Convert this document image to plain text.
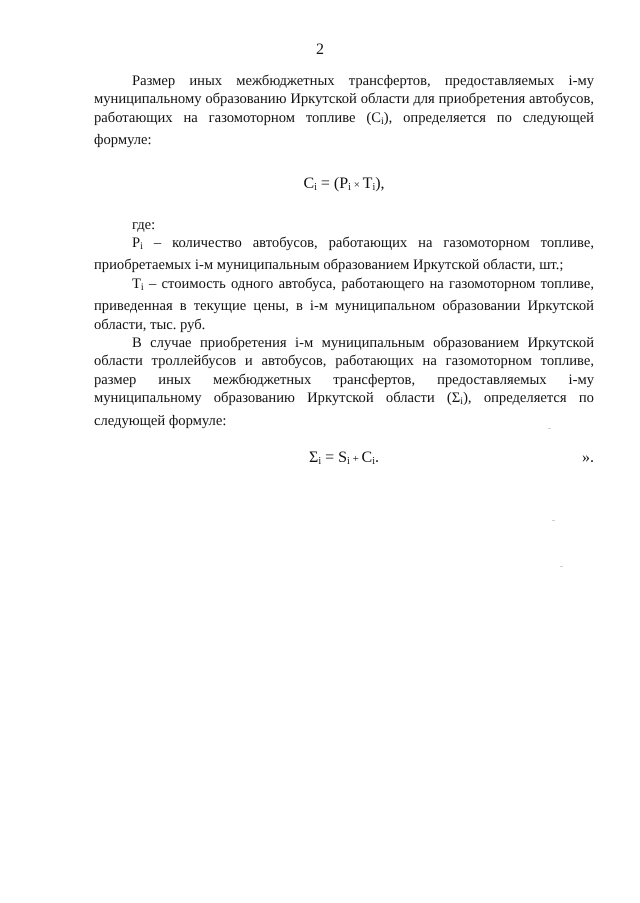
2

Размер иных межбюджетных трансфертов, предоставляемых i-му муниципальному образованию Иркутской области для приобретения автобусов, работающих на газомоторном топливе $(C_i)$, определяется по следующей формуле:

$C_i = (P_i \times T_i)$,

где:

$P_i$ – количество автобусов, работающих на газомоторном топливе, приобретаемых i-м муниципальным образованием Иркутской области, шт.;

$T_i$ – стоимость одного автобуса, работающего на газомоторном топливе, приведенная в текущие цены, в i-м муниципальном образовании Иркутской области, тыс. руб.

В случае приобретения i-м муниципальным образованием Иркутской области троллейбусов и автобусов, работающих на газомоторном топливе, размер иных межбюджетных трансфертов, предоставляемых i-му муниципальному образованию Иркутской области $(\Sigma_i)$, определяется по следующей формуле:

$\Sigma_i = S_i + C_i$.	».
